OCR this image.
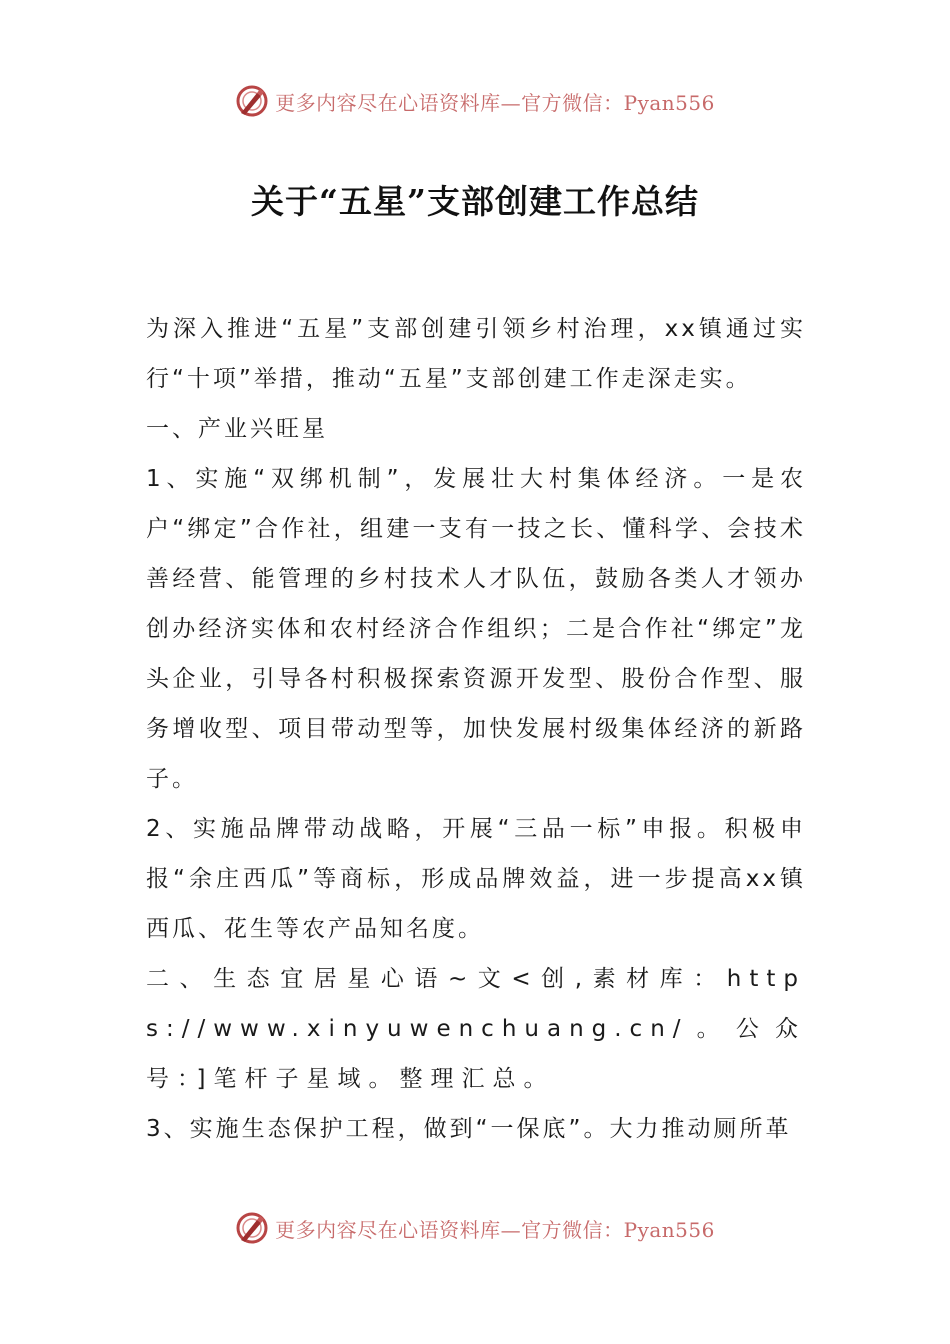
更多内容尽在心语资料库—官方微信：Pyan556
关于“五星”支部创建工作总结

为深入推进“五星”支部创建引领乡村治理，xx镇通过实行“十项”举措，推动“五星”支部创建工作走深走实。

一、产业兴旺星

1、实施“双绑机制”，发展壮大村集体经济。一是农户“绑定”合作社，组建一支有一技之长、懂科学、会技术善经营、能管理的乡村技术人才队伍，鼓励各类人才领办创办经济实体和农村经济合作组织；二是合作社“绑定”龙头企业，引导各村积极探索资源开发型、股份合作型、服务增收型、项目带动型等，加快发展村级集体经济的新路子。

2、实施品牌带动战略，开展“三品一标”申报。积极申报“余庄西瓜”等商标，形成品牌效益，进一步提高xx镇西瓜、花生等农产品知名度。

二、生态宜居星心语~文<创,素材库：https://www.xinyuwenchuang.cn/。公众号：]笔杆子星域。整理汇总。

3、实施生态保护工程，做到“一保底”。大力推动厕所革

更多内容尽在心语资料库—官方微信：Pyan556
